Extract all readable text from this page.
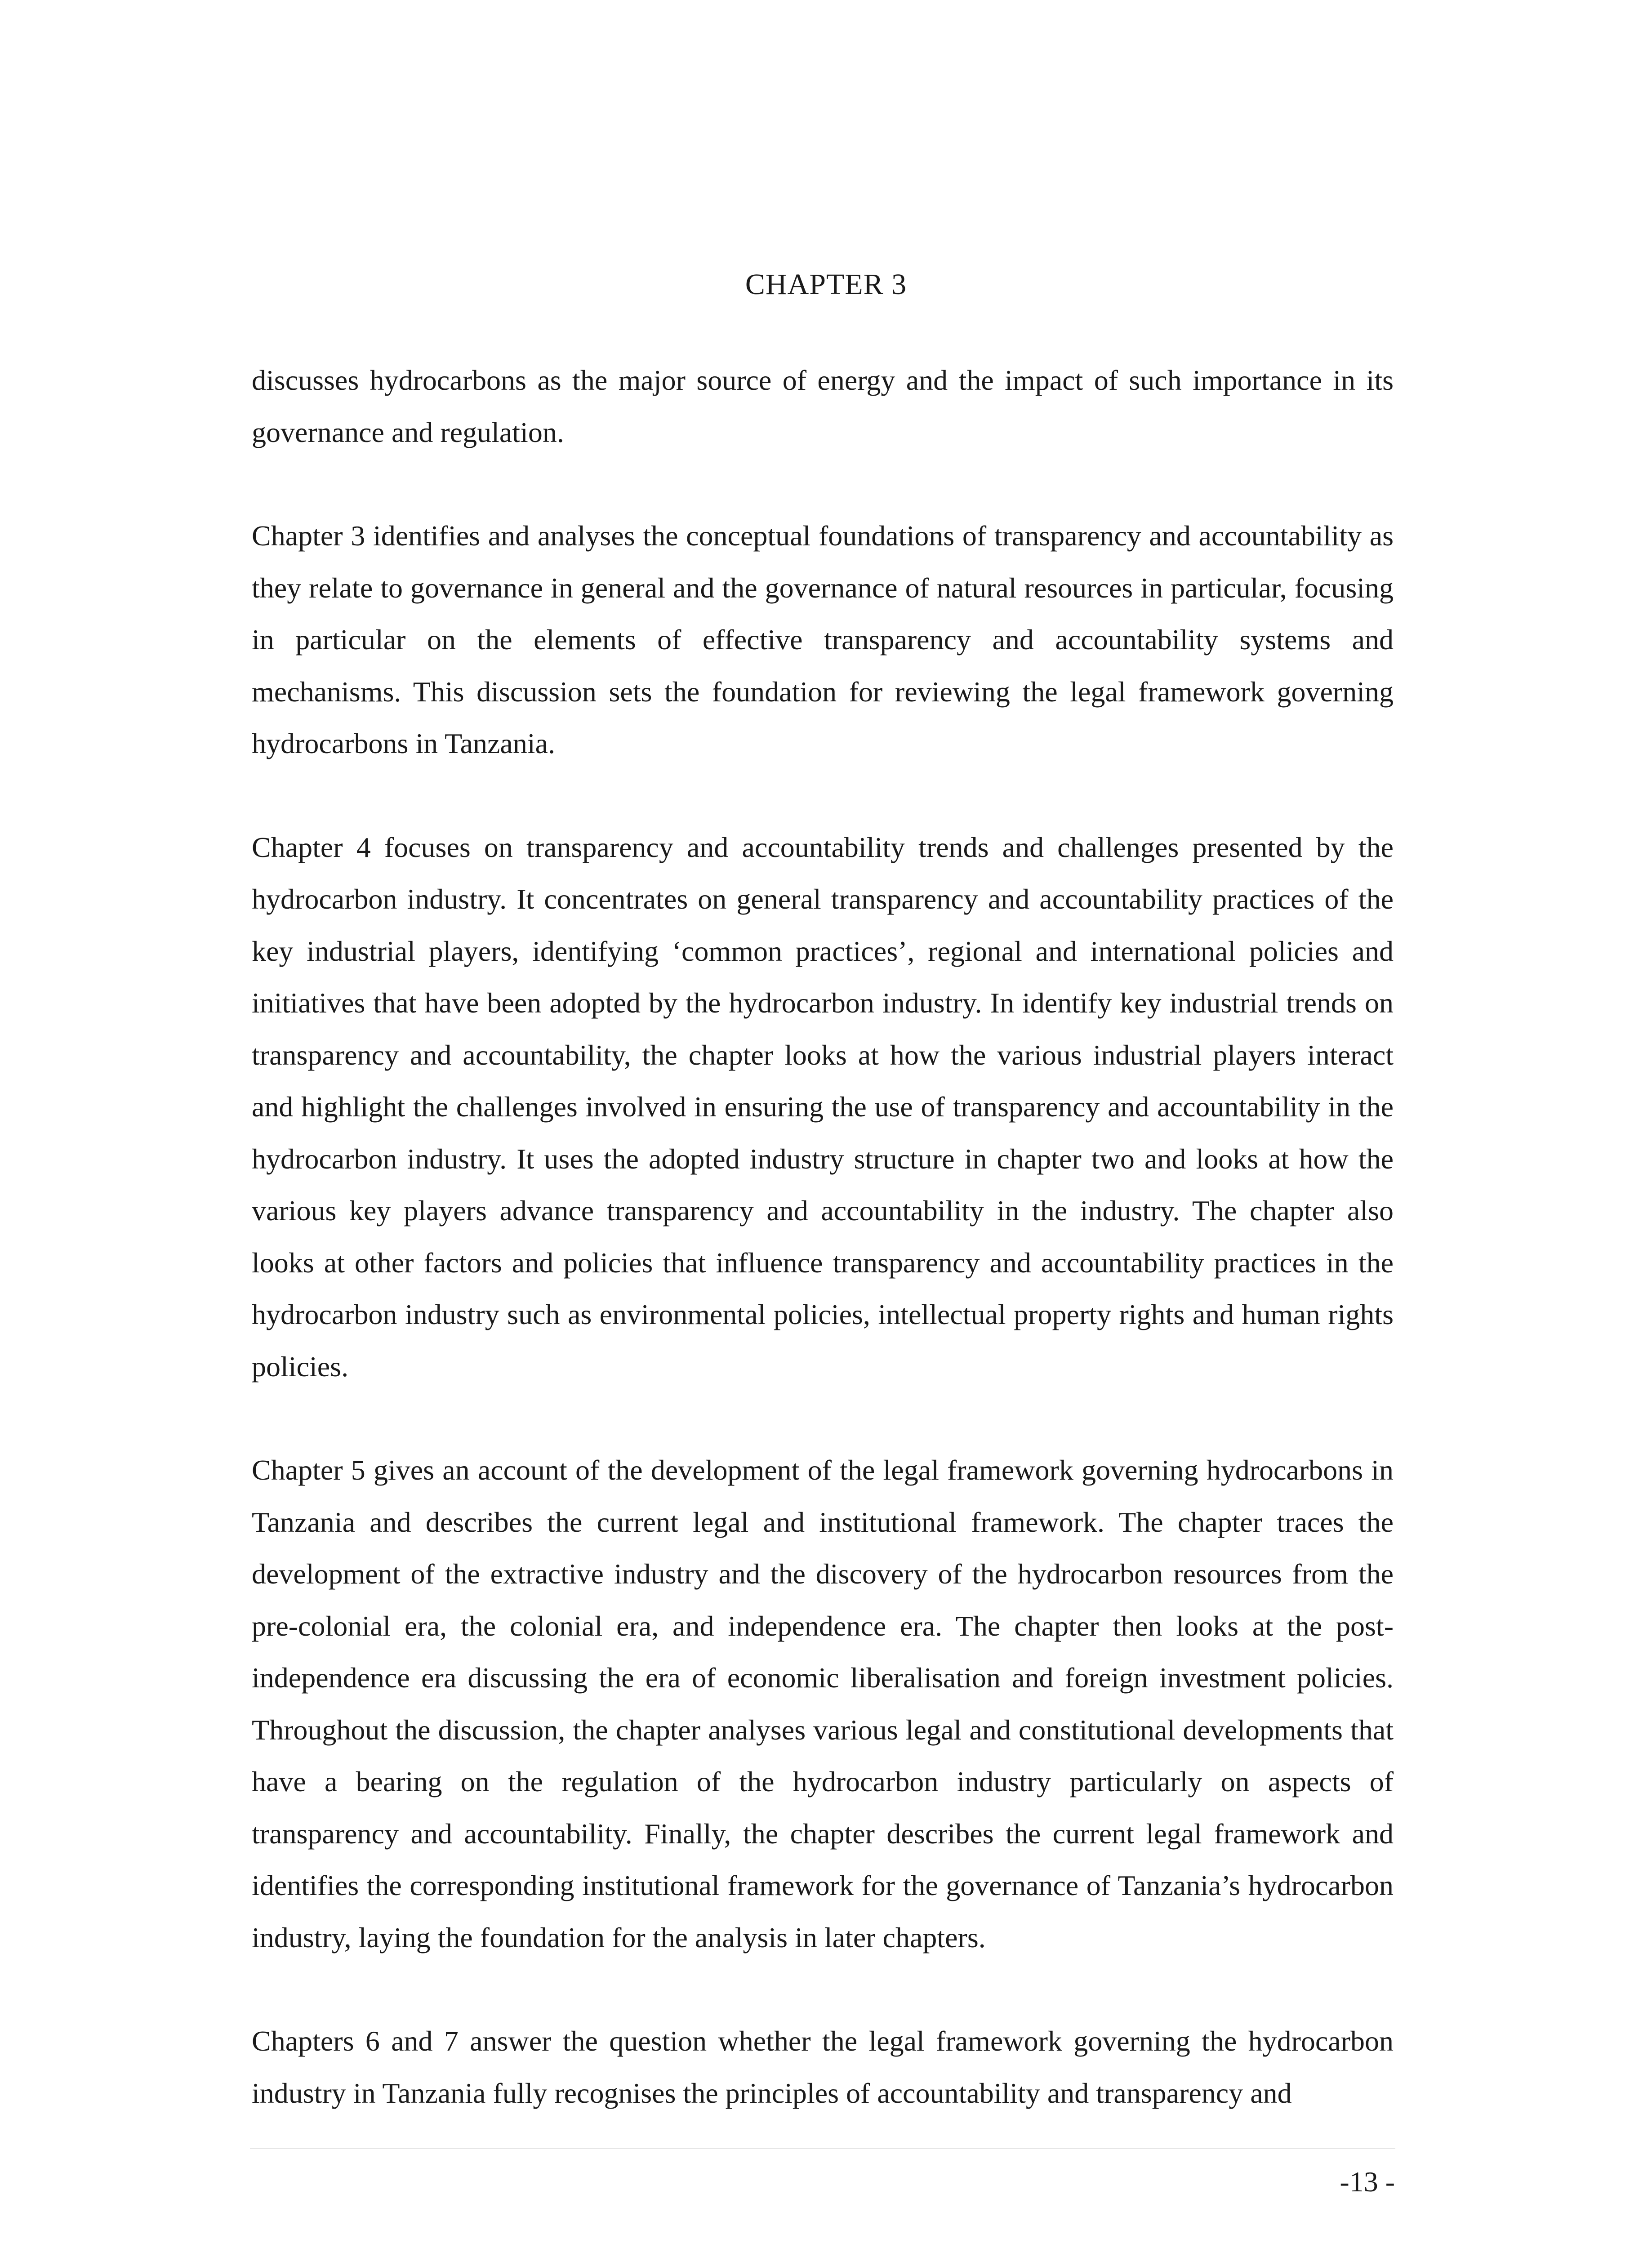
CHAPTER 3

discusses hydrocarbons as the major source of energy and the impact of such importance in its governance and regulation.

Chapter 3 identifies and analyses the conceptual foundations of transparency and accountability as they relate to governance in general and the governance of natural resources in particular, focusing in particular on the elements of effective transparency and accountability systems and mechanisms. This discussion sets the foundation for reviewing the legal framework governing hydrocarbons in Tanzania.

Chapter 4 focuses on transparency and accountability trends and challenges presented by the hydrocarbon industry. It concentrates on general transparency and accountability practices of the key industrial players, identifying ‘common practices’, regional and international policies and initiatives that have been adopted by the hydrocarbon industry. In identify key industrial trends on transparency and accountability, the chapter looks at how the various industrial players interact and highlight the challenges involved in ensuring the use of transparency and accountability in the hydrocarbon industry. It uses the adopted industry structure in chapter two and looks at how the various key players advance transparency and accountability in the industry. The chapter also looks at other factors and policies that influence transparency and accountability practices in the hydrocarbon industry such as environmental policies, intellectual property rights and human rights policies.

Chapter 5 gives an account of the development of the legal framework governing hydrocarbons in Tanzania and describes the current legal and institutional framework. The chapter traces the development of the extractive industry and the discovery of the hydrocarbon resources from the pre-colonial era, the colonial era, and independence era. The chapter then looks at the post-independence era discussing the era of economic liberalisation and foreign investment policies. Throughout the discussion, the chapter analyses various legal and constitutional developments that have a bearing on the regulation of the hydrocarbon industry particularly on aspects of transparency and accountability. Finally, the chapter describes the current legal framework and identifies the corresponding institutional framework for the governance of Tanzania’s hydrocarbon industry, laying the foundation for the analysis in later chapters.

Chapters 6 and 7 answer the question whether the legal framework governing the hydrocarbon industry in Tanzania fully recognises the principles of accountability and transparency and

-13 -
